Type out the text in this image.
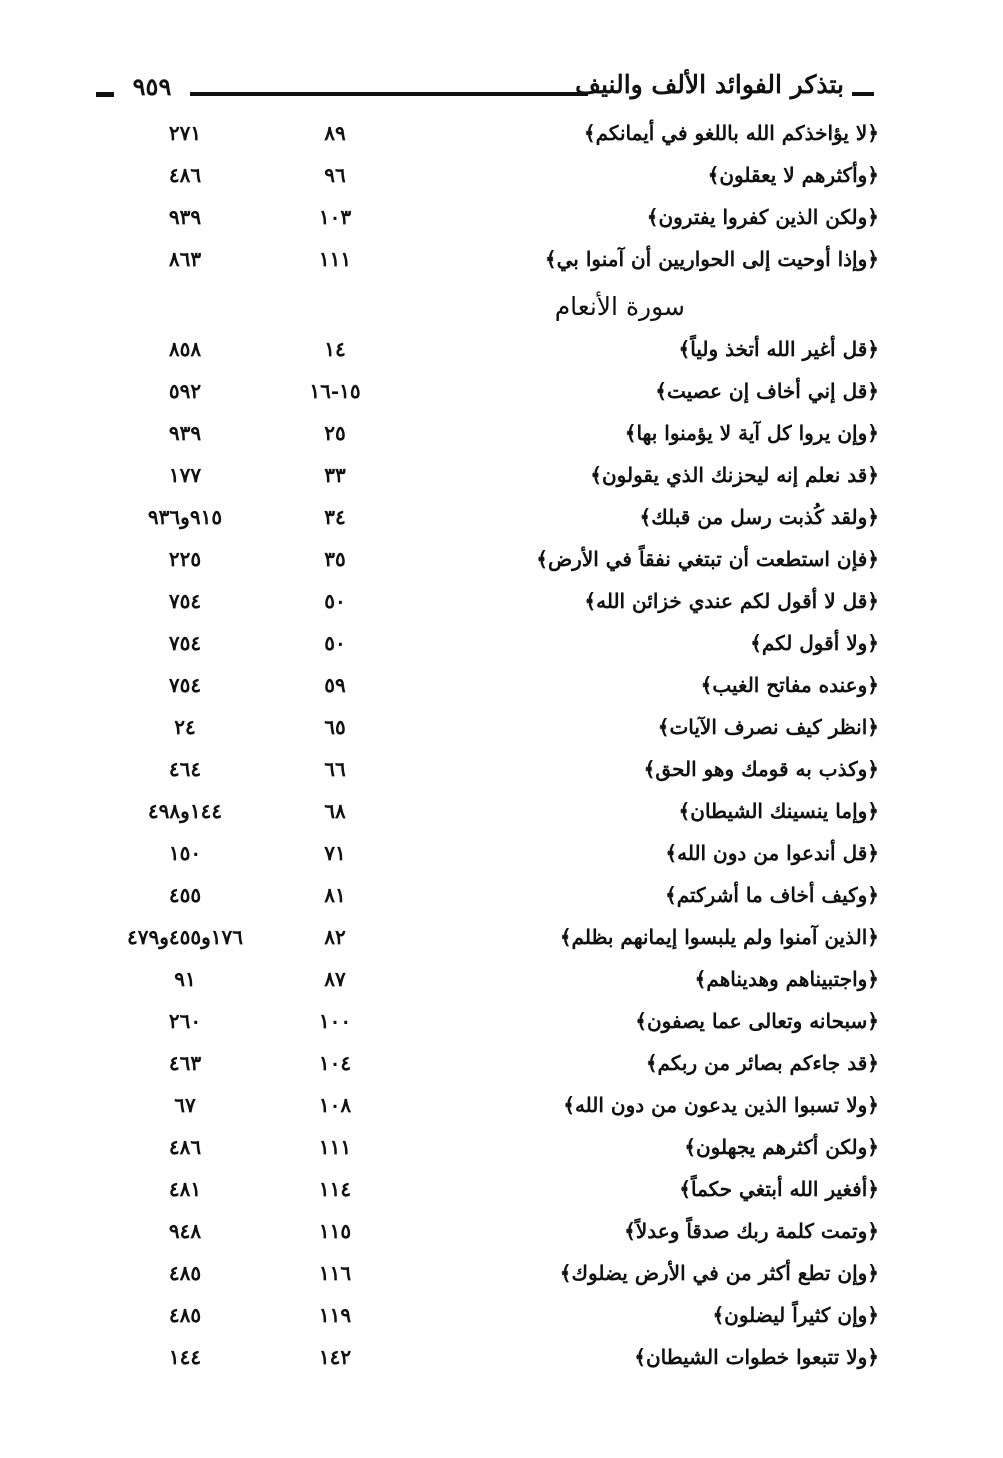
٩٥٩	بتذكر الفوائد الألف والنيف
﴿لا يؤاخذكم الله باللغو في أيمانكم﴾
٨٩
٢٧١
﴿وأكثرهم لا يعقلون﴾
٩٦
٤٨٦
﴿ولكن الذين كفروا يفترون﴾
١٠٣
٩٣٩
﴿وإذا أوحيت إلى الحواريين أن آمنوا بي﴾
١١١
٨٦٣
سورة الأنعام
﴿قل أغير الله أتخذ ولياً﴾
١٤
٨٥٨
﴿قل إني أخاف إن عصيت﴾
١٥-١٦
٥٩٢
﴿وإن يروا كل آية لا يؤمنوا بها﴾
٢٥
٩٣٩
﴿قد نعلم إنه ليحزنك الذي يقولون﴾
٣٣
١٧٧
﴿ولقد كُذبت رسل من قبلك﴾
٣٤
٩١٥و٩٣٦
﴿فإن استطعت أن تبتغي نفقاً في الأرض﴾
٣٥
٢٢٥
﴿قل لا أقول لكم عندي خزائن الله﴾
٥٠
٧٥٤
﴿ولا أقول لكم﴾
٥٠
٧٥٤
﴿وعنده مفاتح الغيب﴾
٥٩
٧٥٤
﴿انظر كيف نصرف الآيات﴾
٦٥
٢٤
﴿وكذب به قومك وهو الحق﴾
٦٦
٤٦٤
﴿وإما ينسينك الشيطان﴾
٦٨
١٤٤و٤٩٨
﴿قل أندعوا من دون الله﴾
٧١
١٥٠
﴿وكيف أخاف ما أشركتم﴾
٨١
٤٥٥
﴿الذين آمنوا ولم يلبسوا إيمانهم بظلم﴾
٨٢
١٧٦و٤٥٥و٤٧٩
﴿واجتبيناهم وهديناهم﴾
٨٧
٩١
﴿سبحانه وتعالى عما يصفون﴾
١٠٠
٢٦٠
﴿قد جاءكم بصائر من ربكم﴾
١٠٤
٤٦٣
﴿ولا تسبوا الذين يدعون من دون الله﴾
١٠٨
٦٧
﴿ولكن أكثرهم يجهلون﴾
١١١
٤٨٦
﴿أفغير الله أبتغي حكماً﴾
١١٤
٤٨١
﴿وتمت كلمة ربك صدقاً وعدلاً﴾
١١٥
٩٤٨
﴿وإن تطع أكثر من في الأرض يضلوك﴾
١١٦
٤٨٥
﴿وإن كثيراً ليضلون﴾
١١٩
٤٨٥
﴿ولا تتبعوا خطوات الشيطان﴾
١٤٢
١٤٤
